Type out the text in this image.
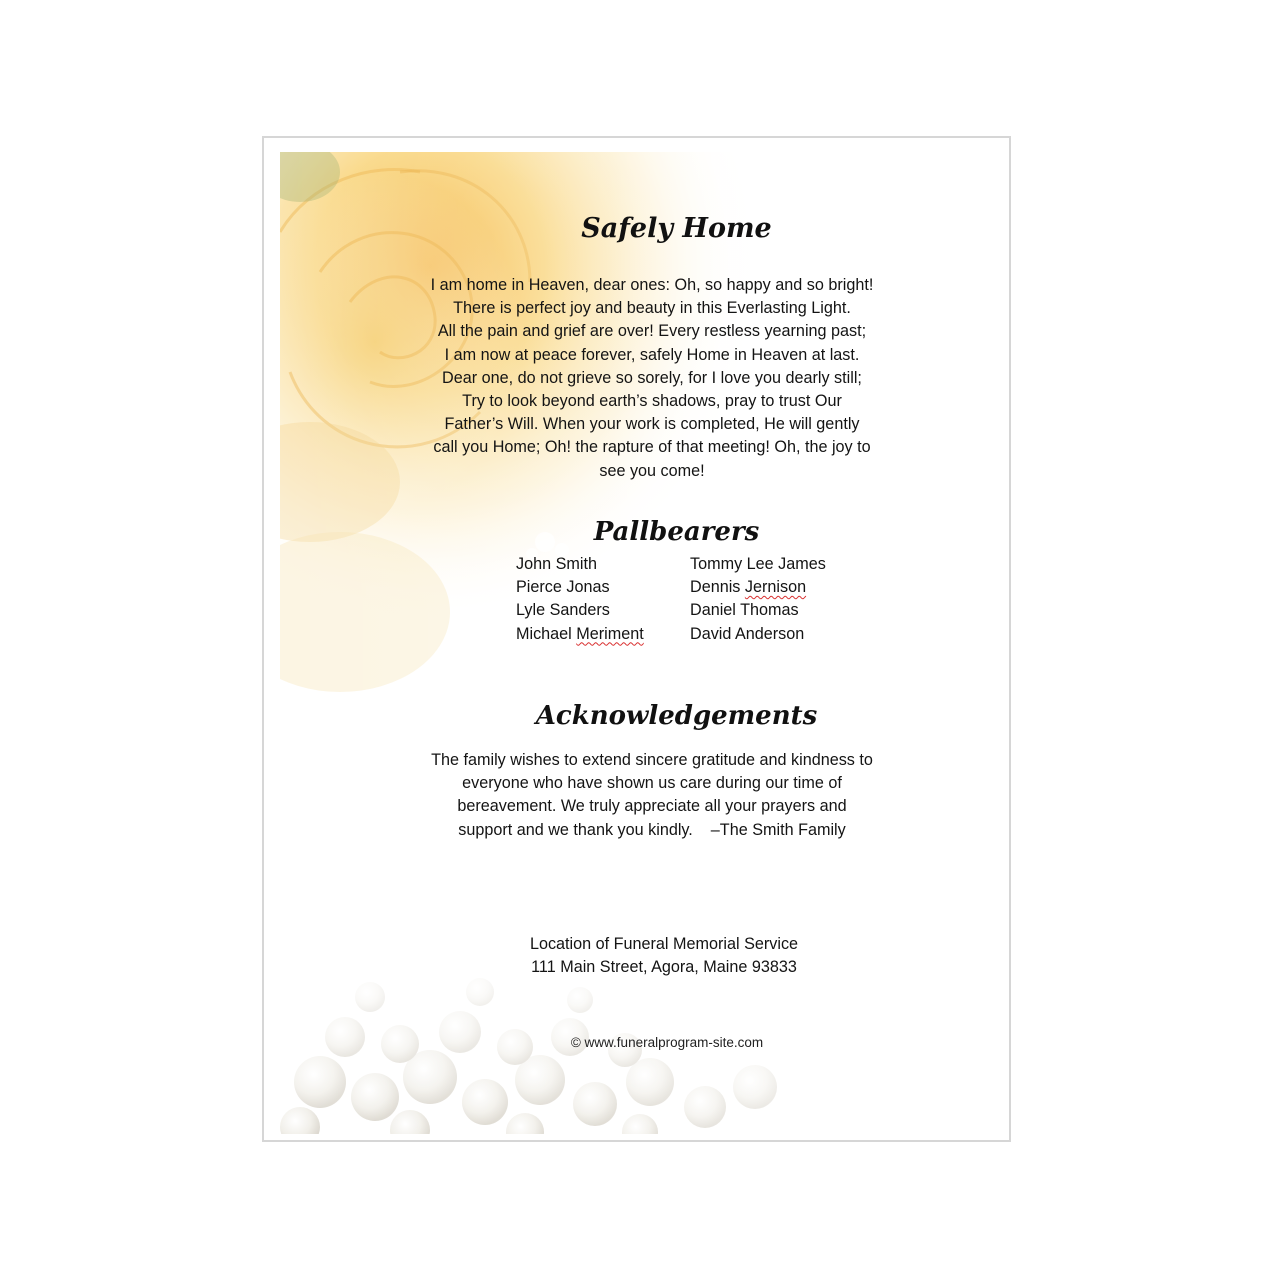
Safely Home
I am home in Heaven, dear ones: Oh, so happy and so bright!
There is perfect joy and beauty in this Everlasting Light.
All the pain and grief are over! Every restless yearning past;
I am now at peace forever, safely Home in Heaven at last.
Dear one, do not grieve so sorely, for I love you dearly still;
Try to look beyond earth’s shadows, pray to trust Our
Father’s Will. When your work is completed, He will gently
call you Home; Oh! the rapture of that meeting! Oh, the joy to
see you come!
Pallbearers
John Smith
Pierce Jonas
Lyle Sanders
Michael Meriment
Tommy Lee James
Dennis Jernison
Daniel Thomas
David Anderson
Acknowledgements
The family wishes to extend sincere gratitude and kindness to
everyone who have shown us care during our time of
bereavement. We truly appreciate all your prayers and
support and we thank you kindly.    –The Smith Family
Location of Funeral Memorial Service
111 Main Street, Agora, Maine 93833
© www.funeralprogram-site.com
